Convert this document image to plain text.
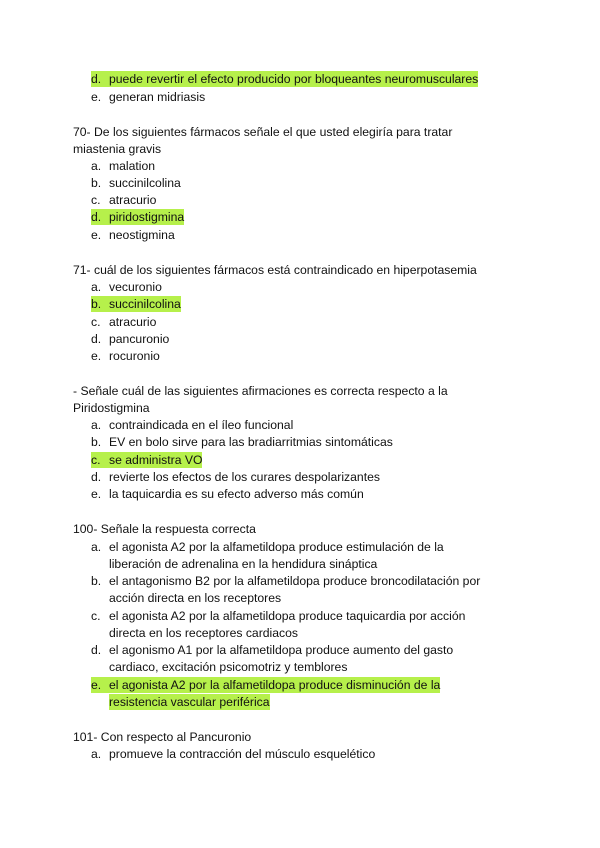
d. puede revertir el efecto producido por bloqueantes neuromusculares
e. generan midriasis
70- De los siguientes fármacos señale el que usted elegiría para tratar
miastenia gravis
a. malation
b. succinilcolina
c. atracurio
d. piridostigmina
e. neostigmina
71- cuál de los siguientes fármacos está contraindicado en hiperpotasemia
a. vecuronio
b. succinilcolina
c. atracurio
d. pancuronio
e. rocuronio
- Señale cuál de las siguientes afirmaciones es correcta respecto a la
Piridostigmina
a. contraindicada en el íleo funcional
b. EV en bolo sirve para las bradiarritmias sintomáticas
c. se administra VO
d. revierte los efectos de los curares despolarizantes
e. la taquicardia es su efecto adverso más común
100- Señale la respuesta correcta
a. el agonista A2 por la alfametildopa produce estimulación de la
liberación de adrenalina en la hendidura sináptica
b. el antagonismo B2 por la alfametildopa produce broncodilatación por
acción directa en los receptores
c. el agonista A2 por la alfametildopa produce taquicardia por acción
directa en los receptores cardiacos
d. el agonismo A1 por la alfametildopa produce aumento del gasto
cardiaco, excitación psicomotriz y temblores
e. el agonista A2 por la alfametildopa produce disminución de la
resistencia vascular periférica
101- Con respecto al Pancuronio
a. promueve la contracción del músculo esquelético
